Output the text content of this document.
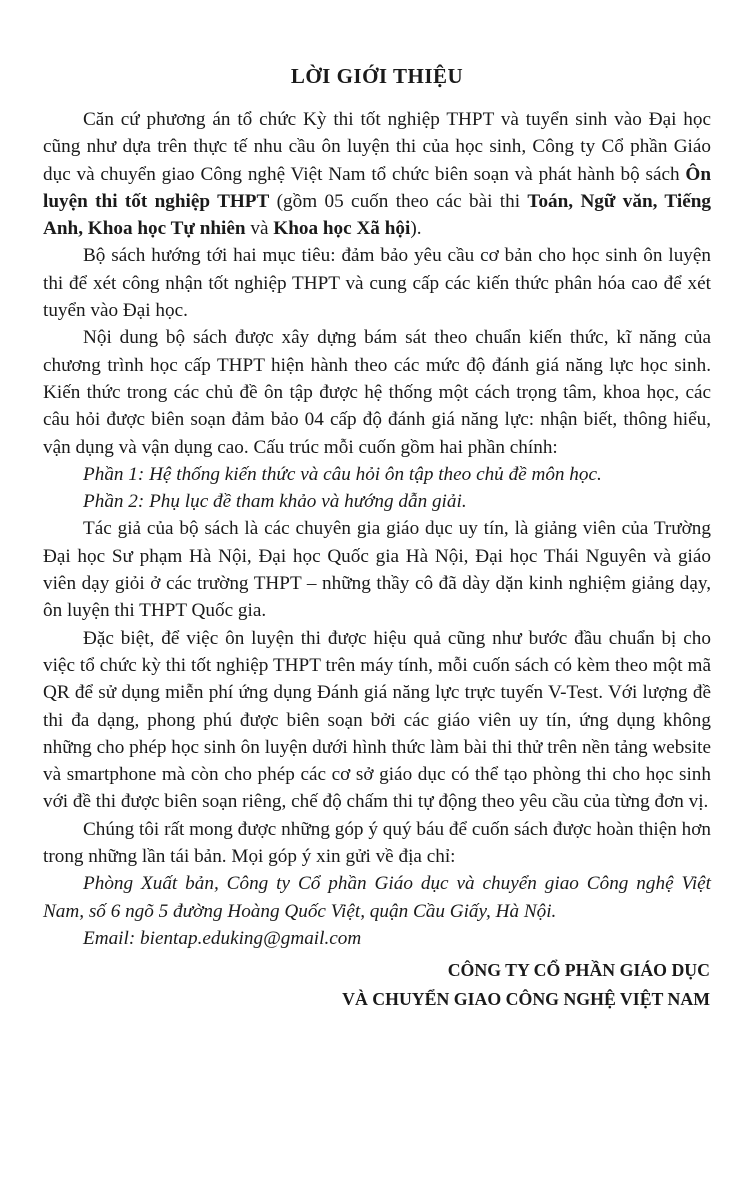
LỜI GIỚI THIỆU

Căn cứ phương án tổ chức Kỳ thi tốt nghiệp THPT và tuyển sinh vào Đại học cũng như dựa trên thực tế nhu cầu ôn luyện thi của học sinh, Công ty Cổ phần Giáo dục và chuyển giao Công nghệ Việt Nam tổ chức biên soạn và phát hành bộ sách Ôn luyện thi tốt nghiệp THPT (gồm 05 cuốn theo các bài thi Toán, Ngữ văn, Tiếng Anh, Khoa học Tự nhiên và Khoa học Xã hội).

Bộ sách hướng tới hai mục tiêu: đảm bảo yêu cầu cơ bản cho học sinh ôn luyện thi để xét công nhận tốt nghiệp THPT và cung cấp các kiến thức phân hóa cao để xét tuyển vào Đại học.

Nội dung bộ sách được xây dựng bám sát theo chuẩn kiến thức, kĩ năng của chương trình học cấp THPT hiện hành theo các mức độ đánh giá năng lực học sinh. Kiến thức trong các chủ đề ôn tập được hệ thống một cách trọng tâm, khoa học, các câu hỏi được biên soạn đảm bảo 04 cấp độ đánh giá năng lực: nhận biết, thông hiểu, vận dụng và vận dụng cao. Cấu trúc mỗi cuốn gồm hai phần chính:

Phần 1: Hệ thống kiến thức và câu hỏi ôn tập theo chủ đề môn học.

Phần 2: Phụ lục đề tham khảo và hướng dẫn giải.

Tác giả của bộ sách là các chuyên gia giáo dục uy tín, là giảng viên của Trường Đại học Sư phạm Hà Nội, Đại học Quốc gia Hà Nội, Đại học Thái Nguyên và giáo viên dạy giỏi ở các trường THPT – những thầy cô đã dày dặn kinh nghiệm giảng dạy, ôn luyện thi THPT Quốc gia.

Đặc biệt, để việc ôn luyện thi được hiệu quả cũng như bước đầu chuẩn bị cho việc tổ chức kỳ thi tốt nghiệp THPT trên máy tính, mỗi cuốn sách có kèm theo một mã QR để sử dụng miễn phí ứng dụng Đánh giá năng lực trực tuyến V-Test. Với lượng đề thi đa dạng, phong phú được biên soạn bởi các giáo viên uy tín, ứng dụng không những cho phép học sinh ôn luyện dưới hình thức làm bài thi thử trên nền tảng website và smartphone mà còn cho phép các cơ sở giáo dục có thể tạo phòng thi cho học sinh với đề thi được biên soạn riêng, chế độ chấm thi tự động theo yêu cầu của từng đơn vị.

Chúng tôi rất mong được những góp ý quý báu để cuốn sách được hoàn thiện hơn trong những lần tái bản. Mọi góp ý xin gửi về địa chỉ:

Phòng Xuất bản, Công ty Cổ phần Giáo dục và chuyển giao Công nghệ Việt Nam, số 6 ngõ 5 đường Hoàng Quốc Việt, quận Cầu Giấy, Hà Nội.

Email: bientap.eduking@gmail.com

CÔNG TY CỔ PHẦN GIÁO DỤC
VÀ CHUYỂN GIAO CÔNG NGHỆ VIỆT NAM
